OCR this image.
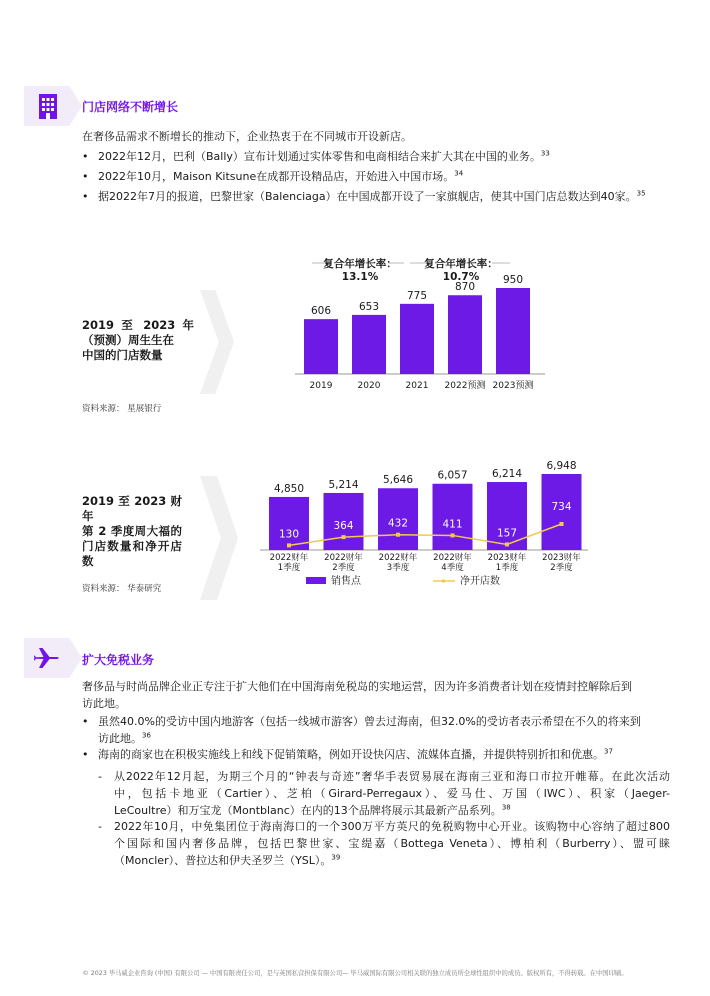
门店网络不断增长
在奢侈品需求不断增长的推动下，企业热衷于在不同城市开设新店。
• 2022年12月，巴利（Bally）宣布计划通过实体零售和电商相结合来扩大其在中国的业务。$^{33}$
• 2022年10月，Maison Kitsune在成都开设精品店，开始进入中国市场。$^{34}$
• 据2022年7月的报道，巴黎世家（Balenciaga）在中国成都开设了一家旗舰店，使其中国门店总数达到40家。$^{35}$
2019 至 2023 年
（预测）周生生在
中国的门店数量
资料来源： 星展银行
复合年增长率：
13.1%
复合年增长率：
10.7%
606
2019
653
2020
775
2021
870
2022预测
950
2023预测
2019 至 2023 财 年
第 2 季度周大福的
门店数量和净开店
数
资料来源： 华泰研究
销售点	净开店数
4,850
130
2022财年
1季度
5,214
364
2022财年
2季度
5,646
432
2022财年
3季度
6,057
411
2022财年
4季度
6,214
157
2023财年
1季度
6,948
734
2023财年
2季度
扩大免税业务
奢侈品与时尚品牌企业正专注于扩大他们在中国海南免税岛的实地运营，因为许多消费者计划在疫情封控解除后到
访此地。
• 虽然40.0%的受访中国内地游客（包括一线城市游客）曾去过海南，但32.0%的受访者表示希望在不久的将来到
访此地。$^{36}$
• 海南的商家也在积极实施线上和线下促销策略，例如开设快闪店、流媒体直播，并提供特别折扣和优惠。$^{37}$
- 从2022年12月起，为期三个月的“钟表与奇迹”奢华手表贸易展在海南三亚和海口市拉开帷幕。在此次活动
中，包括卡地亚（Cartier）、芝柏（Girard-Perregaux）、爱马仕、万国（IWC）、积家（Jaeger-
LeCoultre）和万宝龙（Montblanc）在内的13个品牌将展示其最新产品系列。$^{38}$
- 2022年10月，中免集团位于海南海口的一个300万平方英尺的免税购物中心开业。该购物中心容纳了超过800
个国际和国内奢侈品牌，包括巴黎世家、宝缇嘉（Bottega Veneta）、博柏利（Burberry）、盟可睐
（Moncler）、普拉达和伊夫圣罗兰（YSL）。$^{39}$
© 2023 毕马威企业咨询 (中国) 有限公司 — 中国有限责任公司，是与英国私营担保有限公司— 毕马威国际有限公司相关联的独立成员所全球性组织中的成员。版权所有，不得转载。在中国印刷。
